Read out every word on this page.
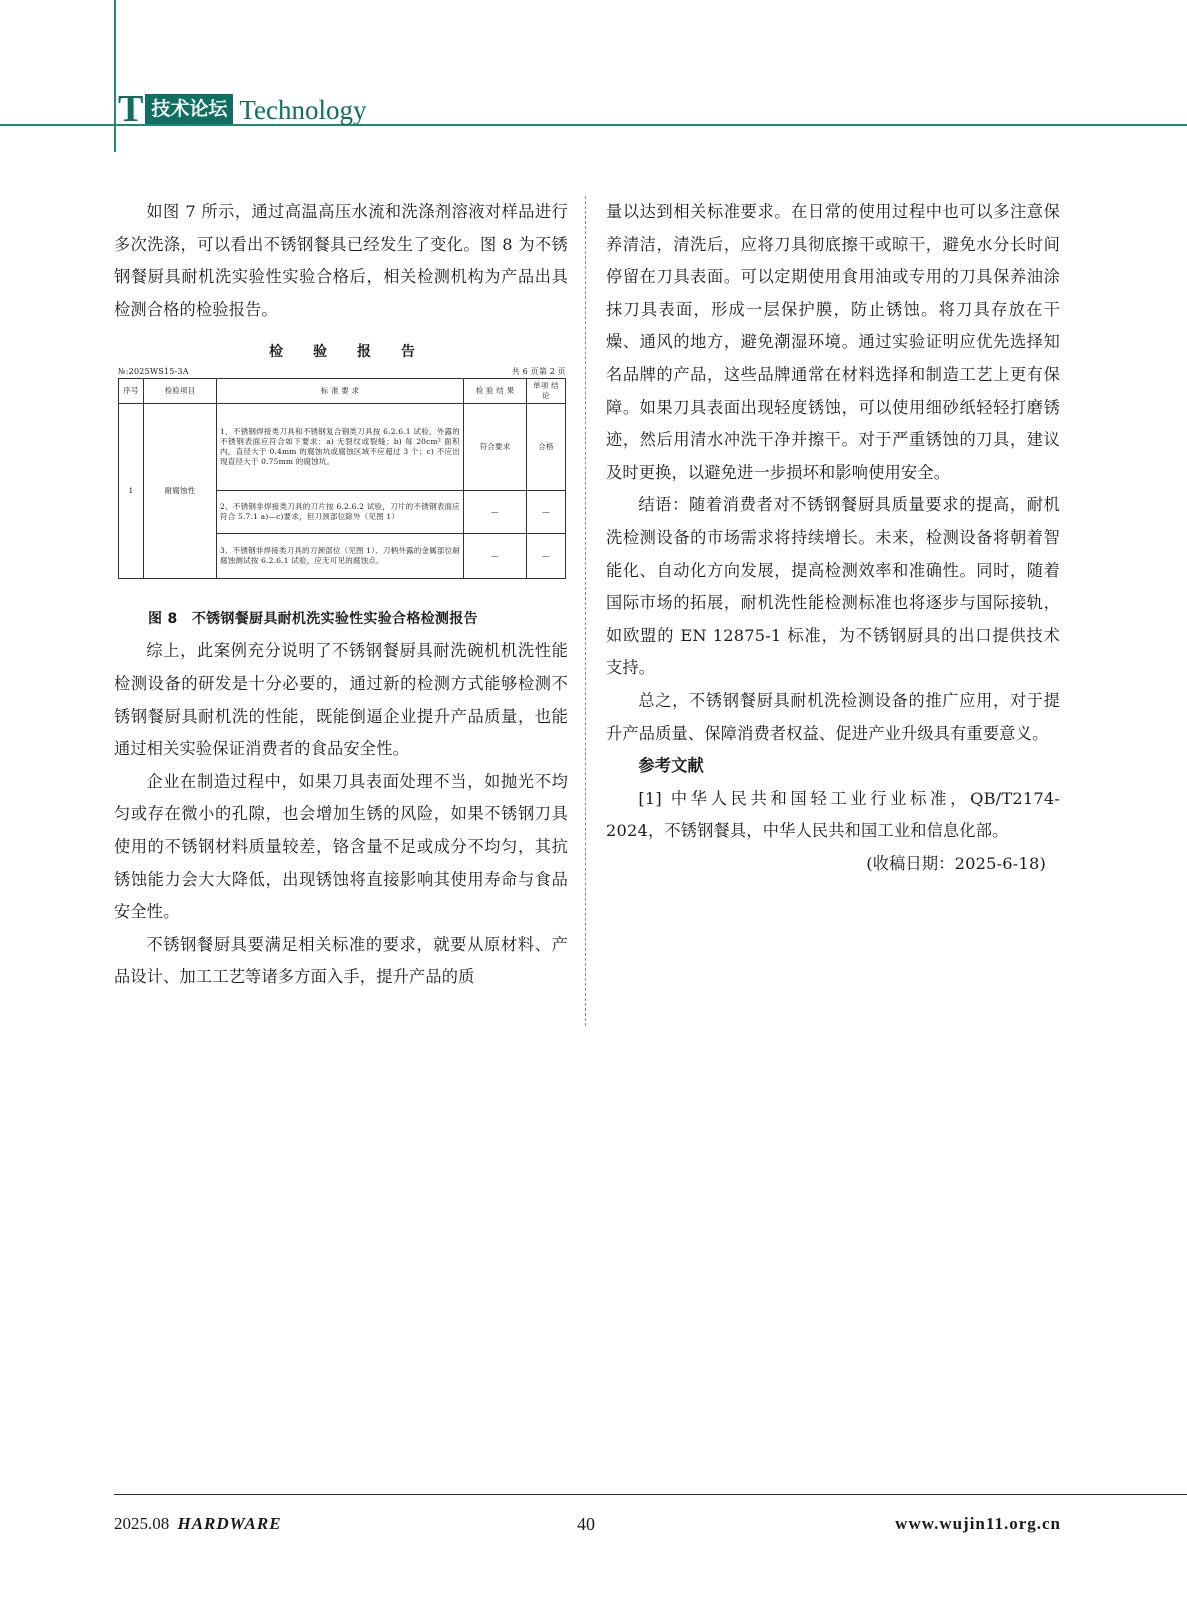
T 技术论坛 Technology

如图 7 所示，通过高温高压水流和洗涤剂溶液对样品进行多次洗涤，可以看出不锈钢餐具已经发生了变化。图 8 为不锈钢餐厨具耐机洗实验性实验合格后，相关检测机构为产品出具检测合格的检验报告。

检验报告
№:2025WS15-3A	共 6 页第 2 页
序号	检验项目	标 准 要 求	检 验 结 果	单项 结论
1	耐腐蚀性	1、不锈钢焊接类刀具和不锈钢复合钢类刀具按 6.2.6.1 试验，外露的不锈钢表面应符合如下要求：a) 无裂纹或裂缝；b) 每 20cm² 面积内，直径大于 0.4mm 的腐蚀坑或腐蚀区域不应超过 3 个；c) 不应出现直径大于 0.75mm 的腐蚀坑。	符合要求	合格
		2、不锈钢非焊接类刀具的刀片按 6.2.6.2 试验，刀片的不锈钢表面应符合 5.7.1 a)—c)要求，但刀颈部位除外（见图 1）	—	—
		3、不锈钢非焊接类刀具的刀颈部位（见图 1）、刀柄外露的金属部位耐腐蚀测试按 6.2.6.1 试验，应无可见的腐蚀点。	—	—
图 8　不锈钢餐厨具耐机洗实验性实验合格检测报告

综上，此案例充分说明了不锈钢餐厨具耐洗碗机机洗性能检测设备的研发是十分必要的，通过新的检测方式能够检测不锈钢餐厨具耐机洗的性能，既能倒逼企业提升产品质量，也能通过相关实验保证消费者的食品安全性。

企业在制造过程中，如果刀具表面处理不当，如抛光不均匀或存在微小的孔隙，也会增加生锈的风险，如果不锈钢刀具使用的不锈钢材料质量较差，铬含量不足或成分不均匀，其抗锈蚀能力会大大降低，出现锈蚀将直接影响其使用寿命与食品安全性。

不锈钢餐厨具要满足相关标准的要求，就要从原材料、产品设计、加工工艺等诸多方面入手，提升产品的质

量以达到相关标准要求。在日常的使用过程中也可以多注意保养清洁，清洗后，应将刀具彻底擦干或晾干，避免水分长时间停留在刀具表面。可以定期使用食用油或专用的刀具保养油涂抹刀具表面，形成一层保护膜，防止锈蚀。将刀具存放在干燥、通风的地方，避免潮湿环境。通过实验证明应优先选择知名品牌的产品，这些品牌通常在材料选择和制造工艺上更有保障。如果刀具表面出现轻度锈蚀，可以使用细砂纸轻轻打磨锈迹，然后用清水冲洗干净并擦干。对于严重锈蚀的刀具，建议及时更换，以避免进一步损坏和影响使用安全。

结语：随着消费者对不锈钢餐厨具质量要求的提高，耐机洗检测设备的市场需求将持续增长。未来，检测设备将朝着智能化、自动化方向发展，提高检测效率和准确性。同时，随着国际市场的拓展，耐机洗性能检测标准也将逐步与国际接轨，如欧盟的 EN 12875-1 标准，为不锈钢厨具的出口提供技术支持。

总之，不锈钢餐厨具耐机洗检测设备的推广应用，对于提升产品质量、保障消费者权益、促进产业升级具有重要意义。

参考文献

[1] 中华人民共和国轻工业行业标准，QB/T2174-2024，不锈钢餐具，中华人民共和国工业和信息化部。

(收稿日期：2025-6-18)

2025.08 HARDWARE	40	www.wujin11.org.cn
